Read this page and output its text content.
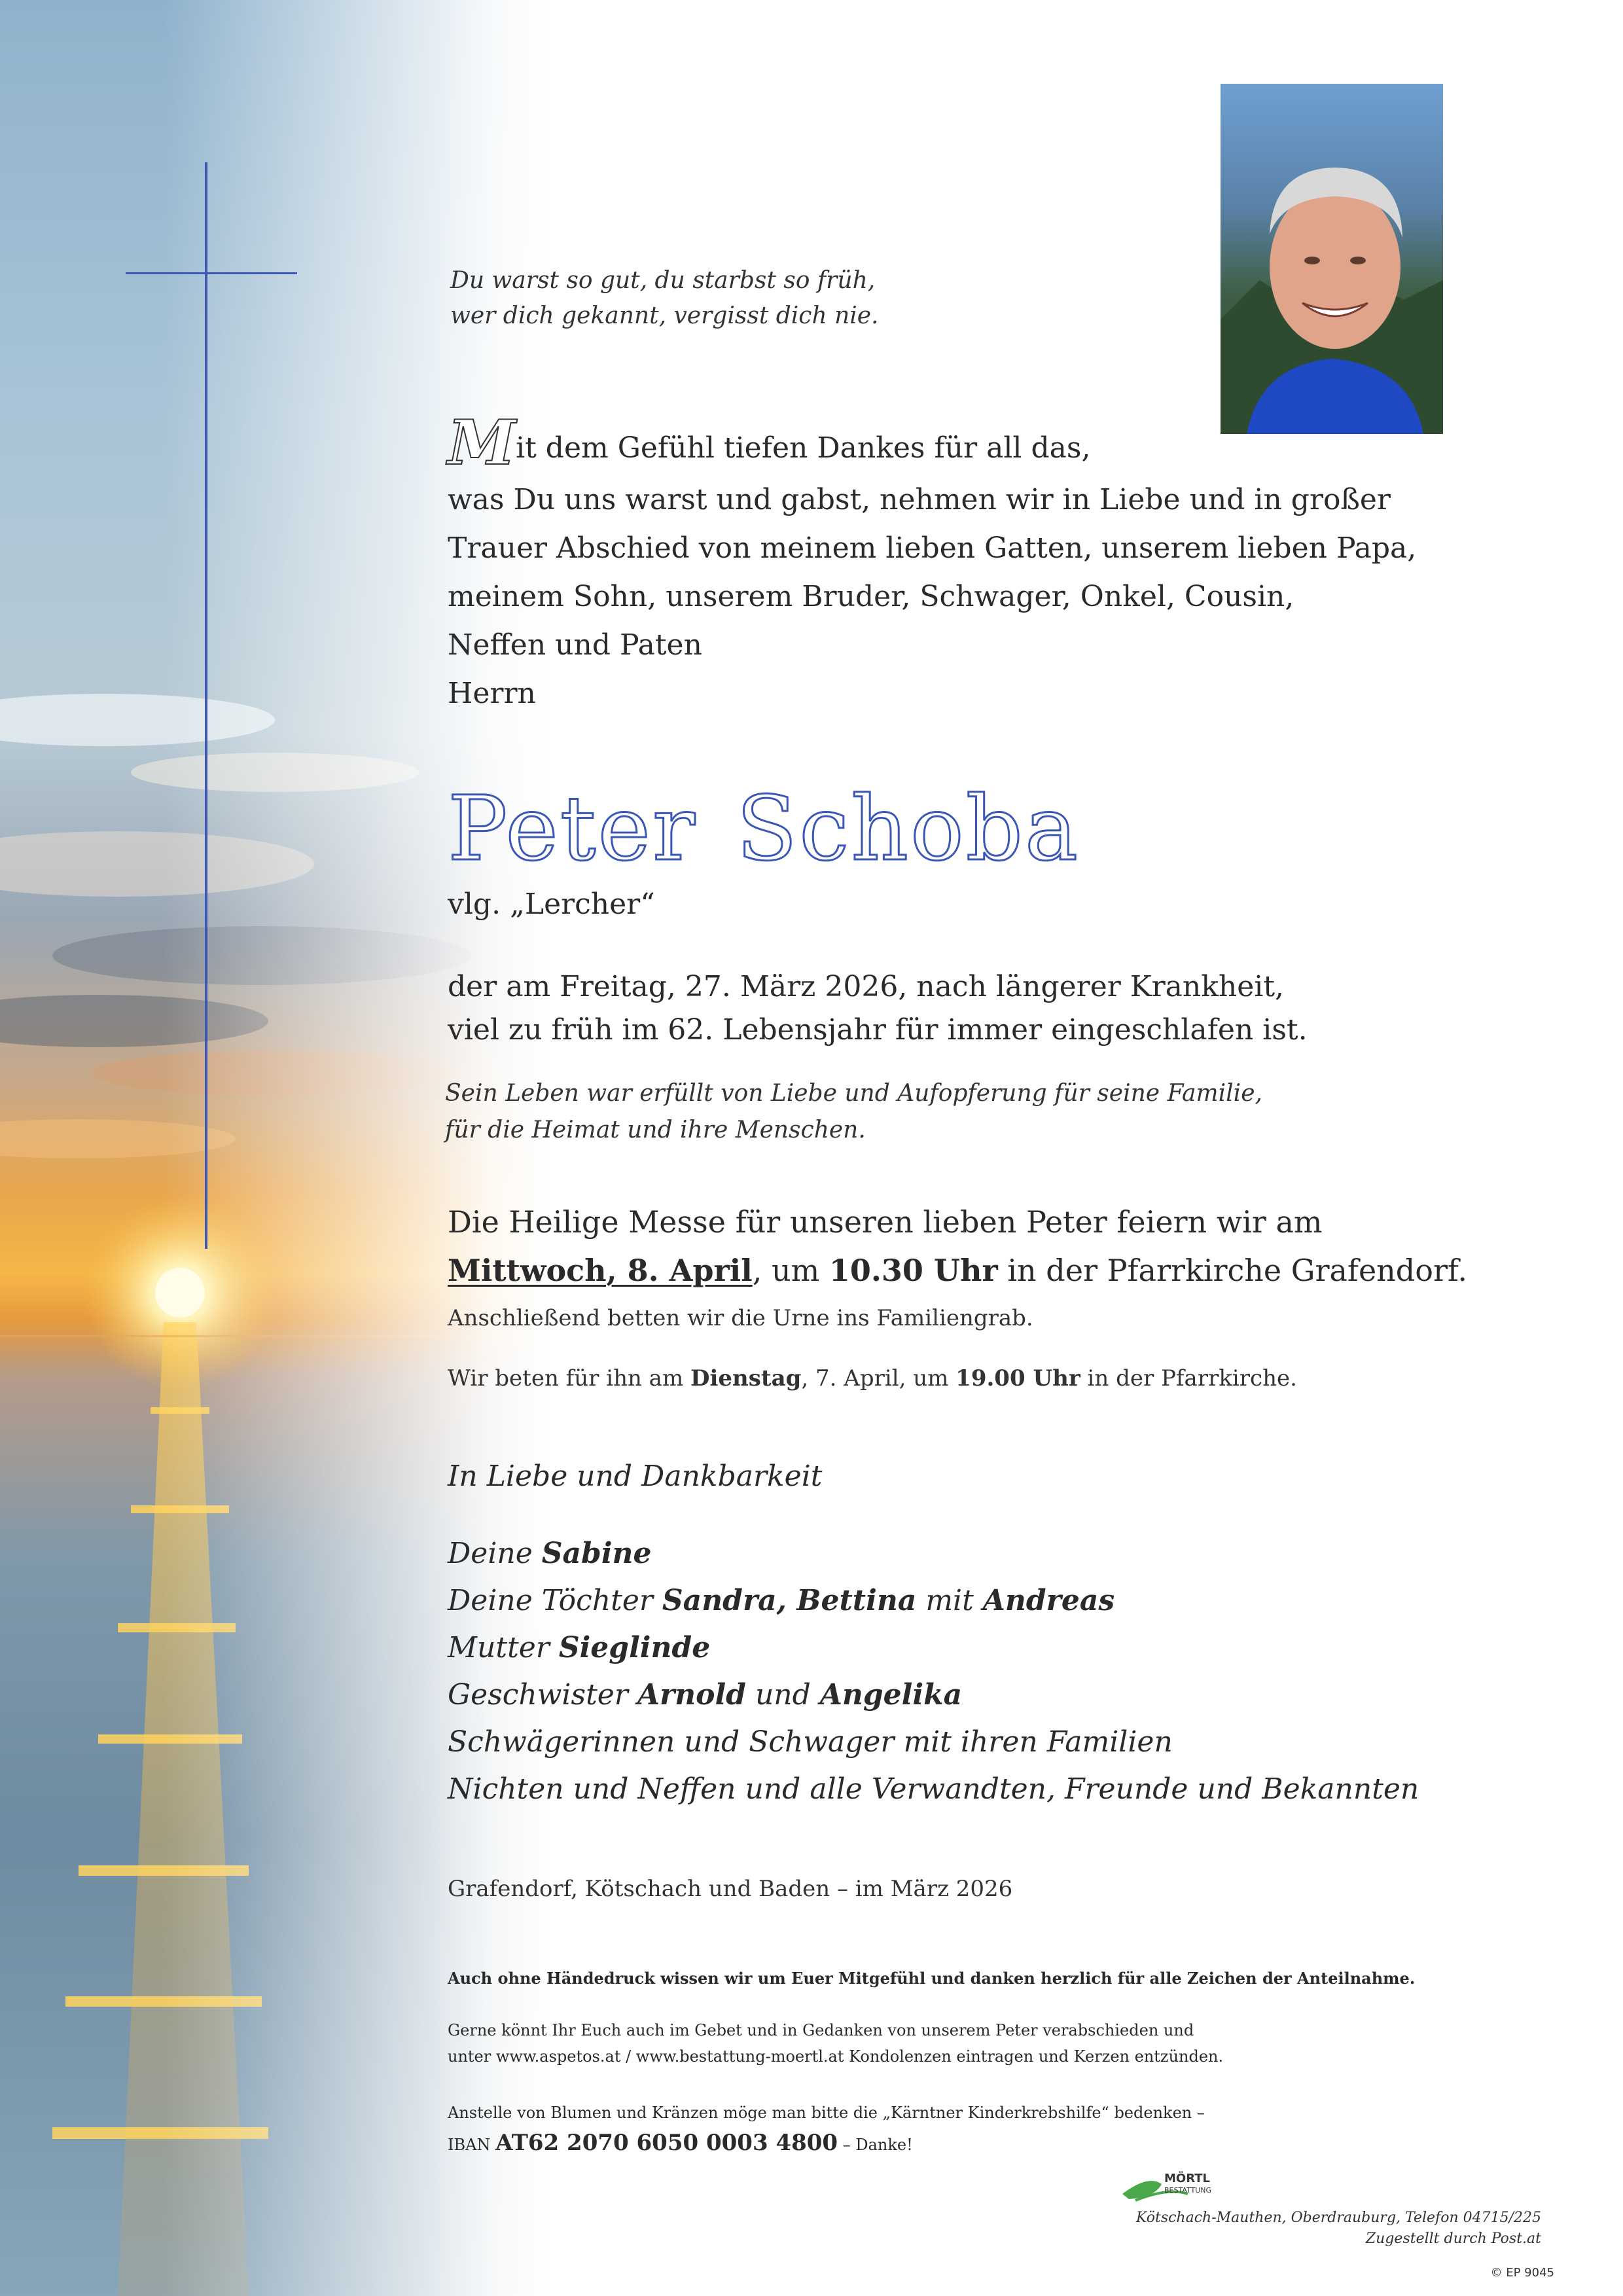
Du warst so gut, du starbst so früh,
wer dich gekannt, vergisst dich nie.
Mit dem Gefühl tiefen Dankes für all das,
was Du uns warst und gabst, nehmen wir in Liebe und in großer
Trauer Abschied von meinem lieben Gatten, unserem lieben Papa,
meinem Sohn, unserem Bruder, Schwager, Onkel, Cousin,
Neffen und Paten
Herrn
Peter Schoba
vlg. „Lercher“
der am Freitag, 27. März 2026, nach längerer Krankheit,
viel zu früh im 62. Lebensjahr für immer eingeschlafen ist.
Sein Leben war erfüllt von Liebe und Aufopferung für seine Familie,
für die Heimat und ihre Menschen.
Die Heilige Messe für unseren lieben Peter feiern wir am
Mittwoch, 8. April, um 10.30 Uhr in der Pfarrkirche Grafendorf.
Anschließend betten wir die Urne ins Familiengrab.
Wir beten für ihn am Dienstag, 7. April, um 19.00 Uhr in der Pfarrkirche.
In Liebe und Dankbarkeit
Deine Sabine
Deine Töchter Sandra, Bettina mit Andreas
Mutter Sieglinde
Geschwister Arnold und Angelika
Schwägerinnen und Schwager mit ihren Familien
Nichten und Neffen und alle Verwandten, Freunde und Bekannten
Grafendorf, Kötschach und Baden – im März 2026
Auch ohne Händedruck wissen wir um Euer Mitgefühl und danken herzlich für alle Zeichen der Anteilnahme.
Gerne könnt Ihr Euch auch im Gebet und in Gedanken von unserem Peter verabschieden und
unter www.aspetos.at / www.bestattung-moertl.at Kondolenzen eintragen und Kerzen entzünden.
Anstelle von Blumen und Kränzen möge man bitte die „Kärntner Kinderkrebshilfe“ bedenken –
IBAN AT62 2070 6050 0003 4800 – Danke!
MÖRTL
BESTATTUNG
Kötschach-Mauthen, Oberdrauburg, Telefon 04715/225
Zugestellt durch Post.at
© EP 9045
